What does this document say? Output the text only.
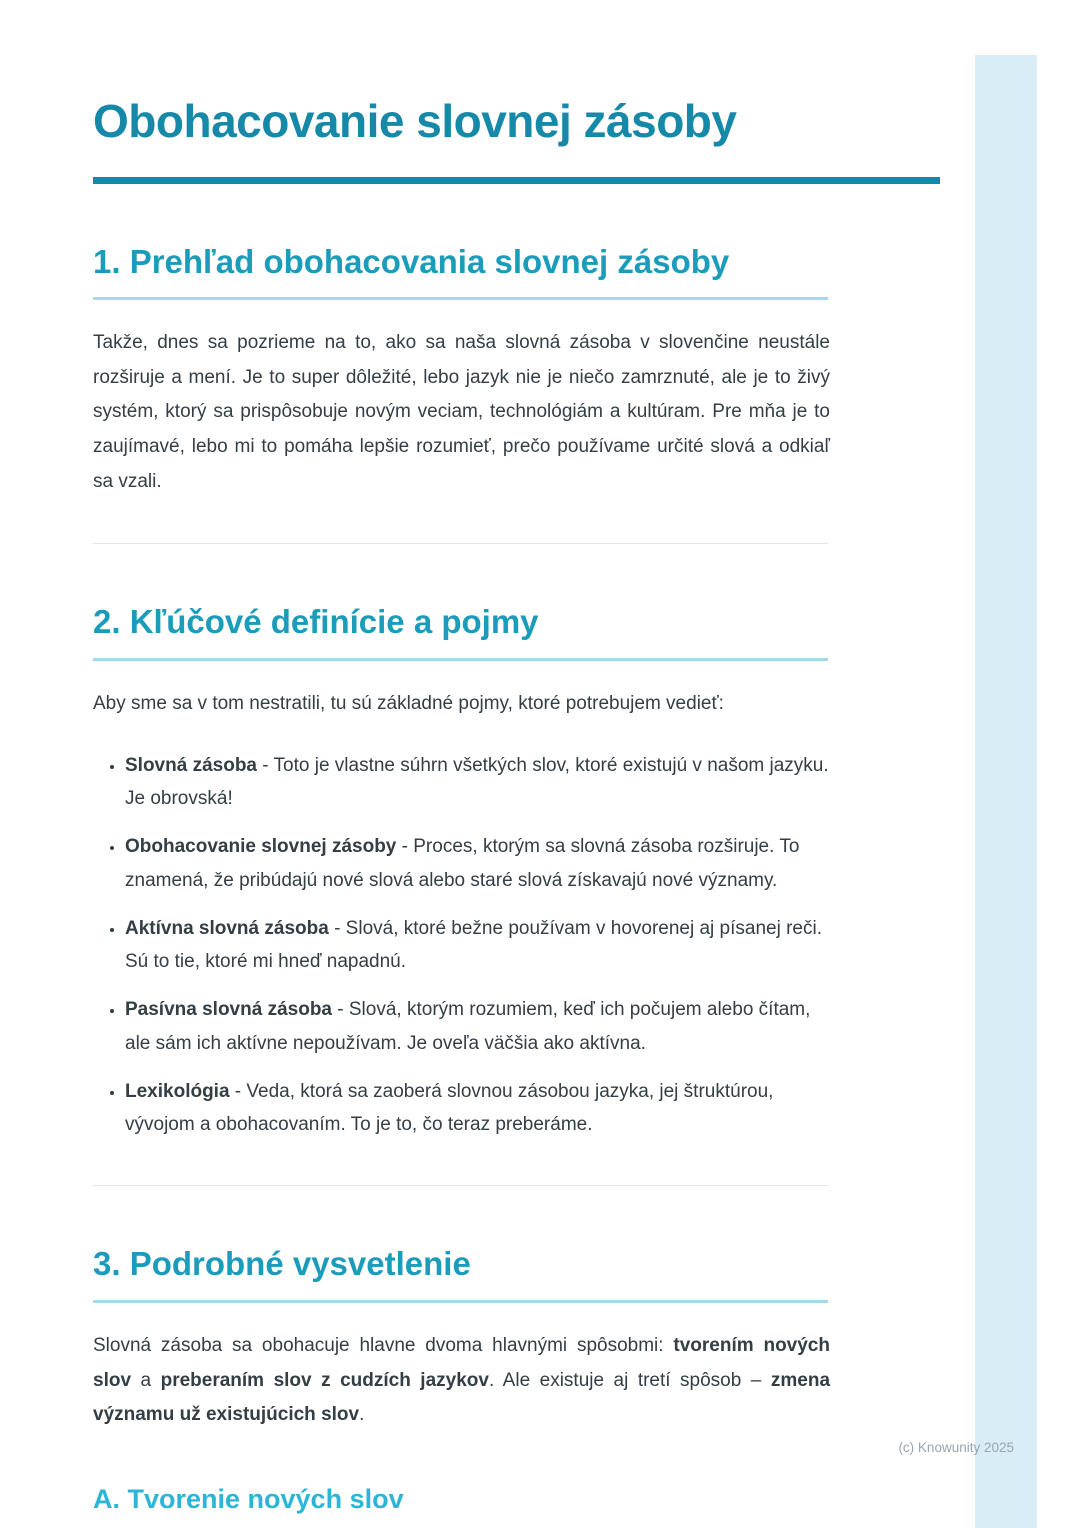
Obohacovanie slovnej zásoby
1. Prehľad obohacovania slovnej zásoby

Takže, dnes sa pozrieme na to, ako sa naša slovná zásoba v slovenčine neustále rozširuje a mení. Je to super dôležité, lebo jazyk nie je niečo zamrznuté, ale je to živý systém, ktorý sa prispôsobuje novým veciam, technológiám a kultúram. Pre mňa je to zaujímavé, lebo mi to pomáha lepšie rozumieť, prečo používame určité slová a odkiaľ sa vzali.

2. Kľúčové definície a pojmy

Aby sme sa v tom nestratili, tu sú základné pojmy, ktoré potrebujem vedieť:

• Slovná zásoba - Toto je vlastne súhrn všetkých slov, ktoré existujú v našom jazyku. Je obrovská!
• Obohacovanie slovnej zásoby - Proces, ktorým sa slovná zásoba rozširuje. To znamená, že pribúdajú nové slová alebo staré slová získavajú nové významy.
• Aktívna slovná zásoba - Slová, ktoré bežne používam v hovorenej aj písanej reči. Sú to tie, ktoré mi hneď napadnú.
• Pasívna slovná zásoba - Slová, ktorým rozumiem, keď ich počujem alebo čítam, ale sám ich aktívne nepoužívam. Je oveľa väčšia ako aktívna.
• Lexikológia - Veda, ktorá sa zaoberá slovnou zásobou jazyka, jej štruktúrou, vývojom a obohacovaním. To je to, čo teraz preberáme.
3. Podrobné vysvetlenie

Slovná zásoba sa obohacuje hlavne dvoma hlavnými spôsobmi: tvorením nových slov a preberaním slov z cudzích jazykov. Ale existuje aj tretí spôsob – zmena významu už existujúcich slov.

A. Tvorenie nových slov
(c) Knowunity 2025
